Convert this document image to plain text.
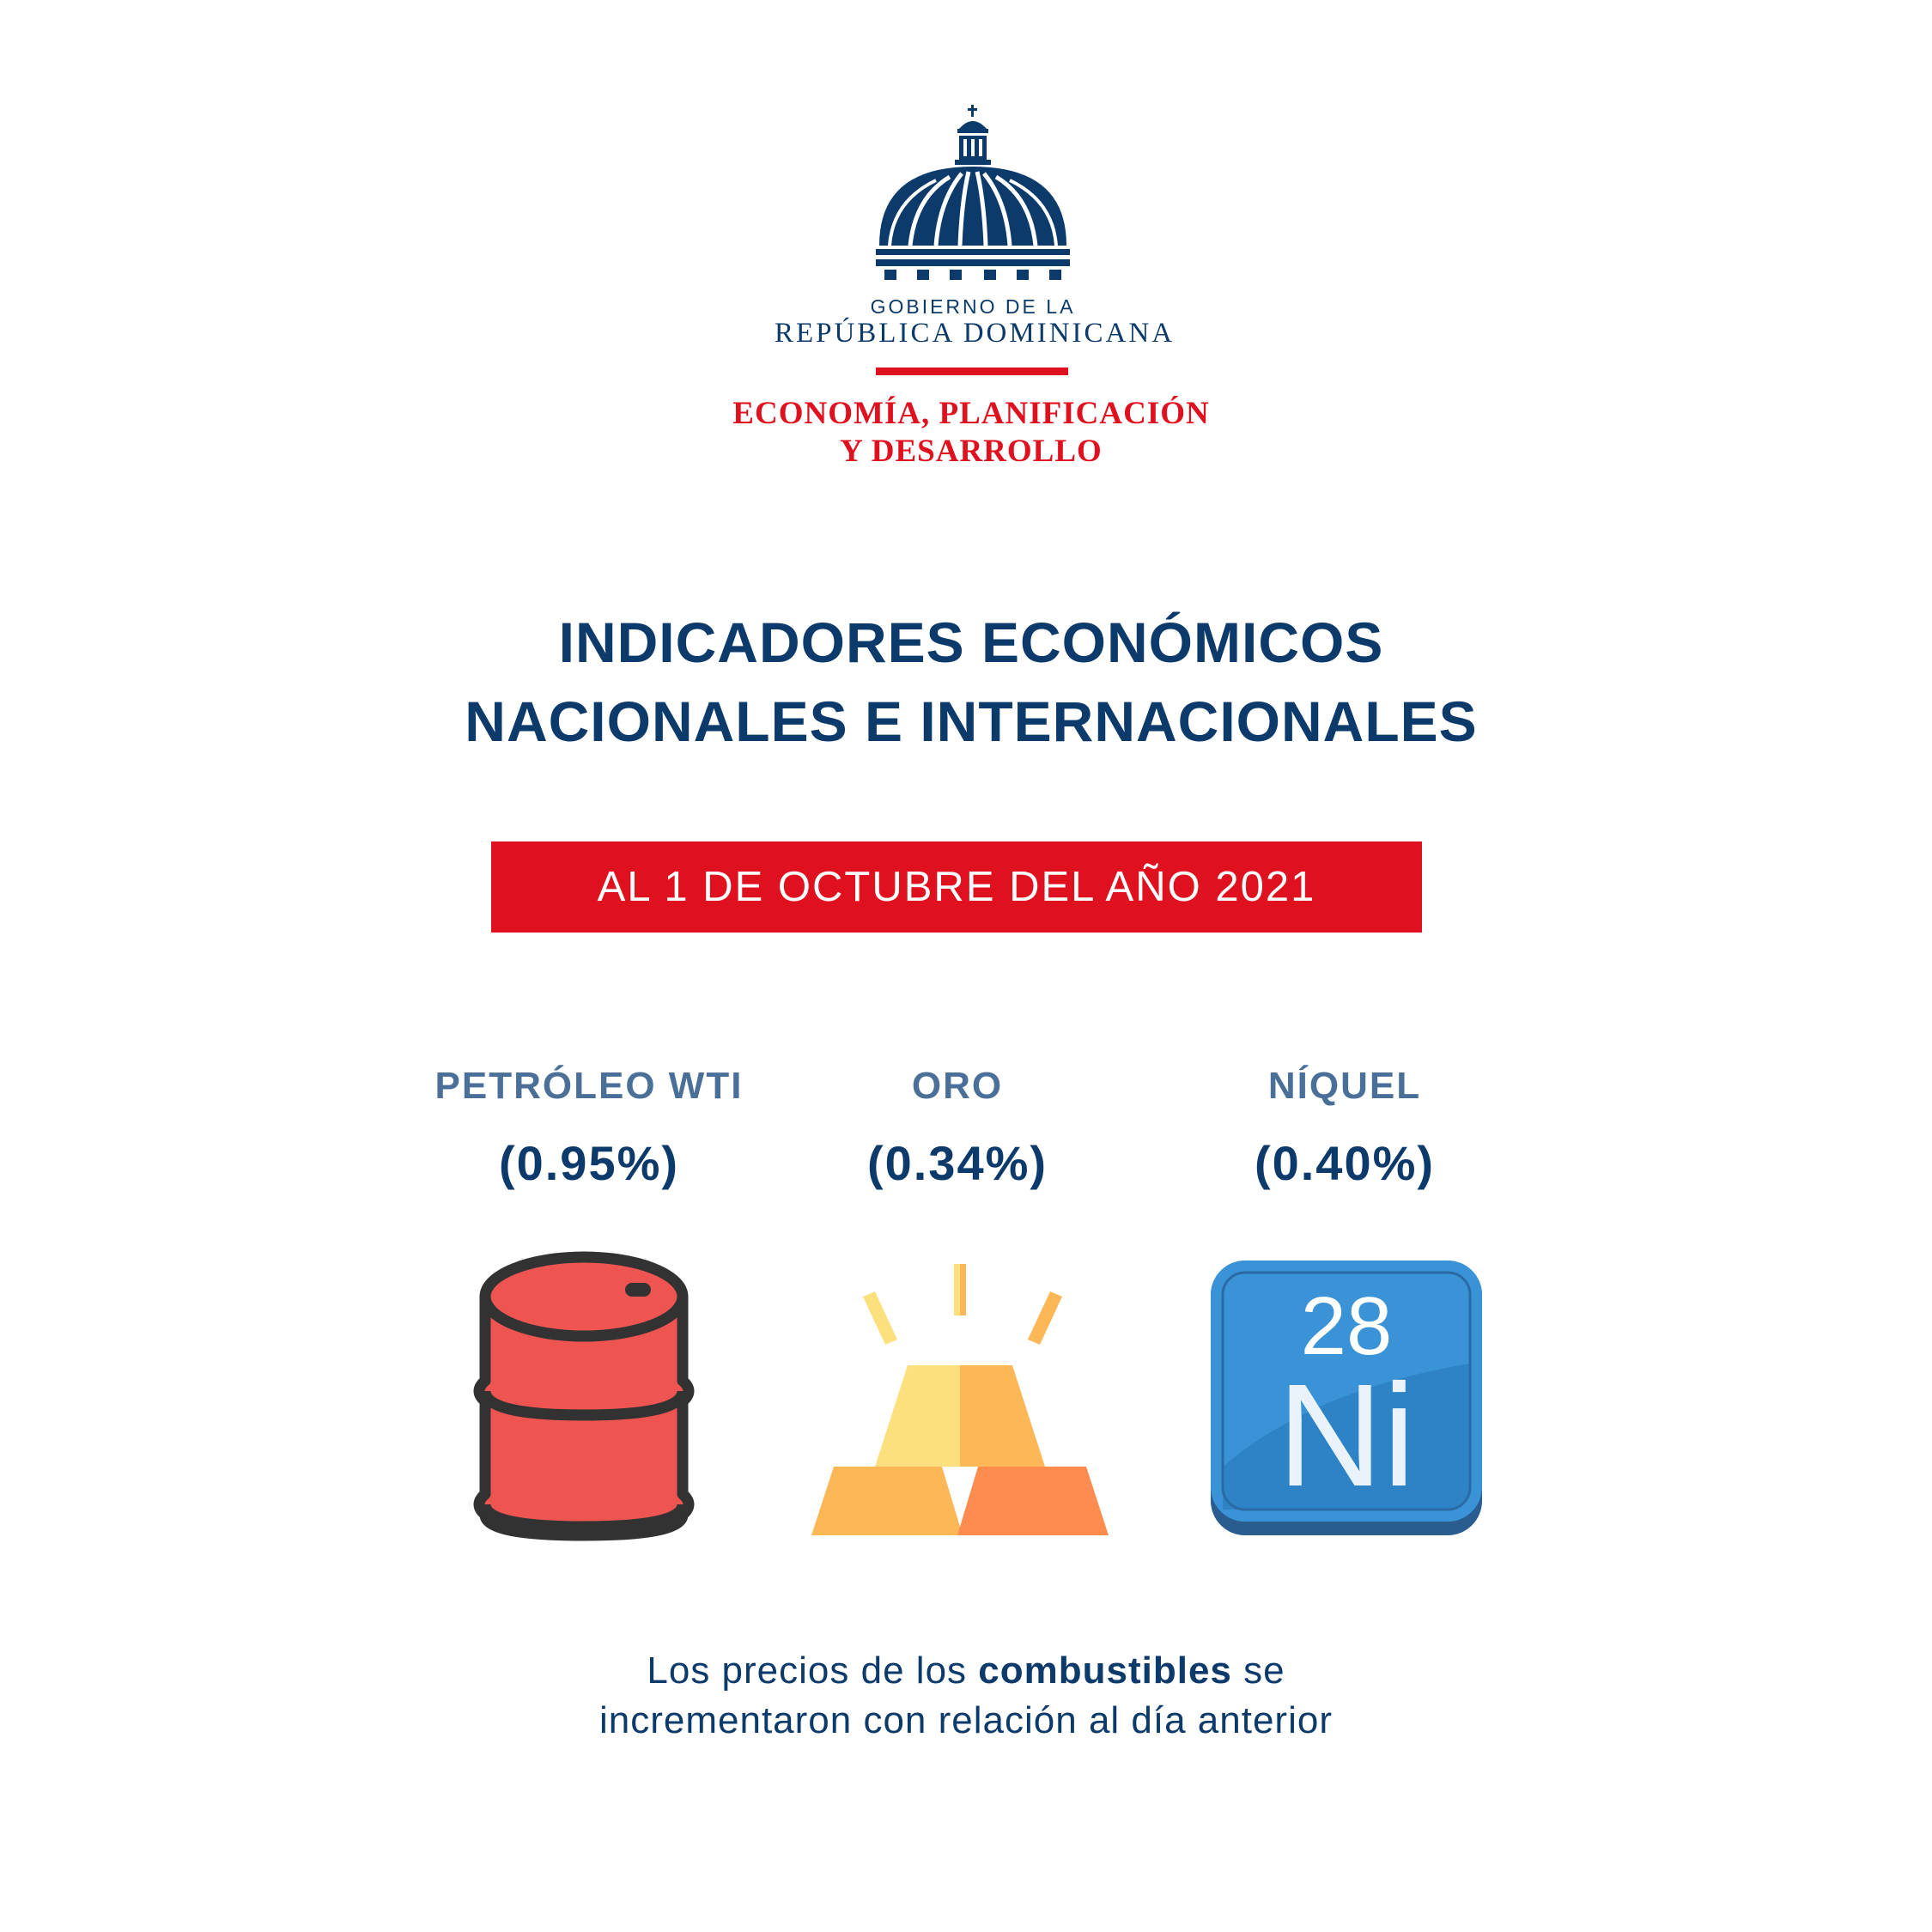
GOBIERNO DE LA
REPÚBLICA DOMINICANA
ECONOMÍA, PLANIFICACIÓN
Y DESARROLLO
INDICADORES ECONÓMICOS
NACIONALES E INTERNACIONALES
AL 1 DE OCTUBRE DEL AÑO 2021
PETRÓLEO WTI
(0.95%)
ORO
(0.34%)
NÍQUEL
(0.40%)
28
Ni
Los precios de los combustibles se
incrementaron con relación al día anterior
